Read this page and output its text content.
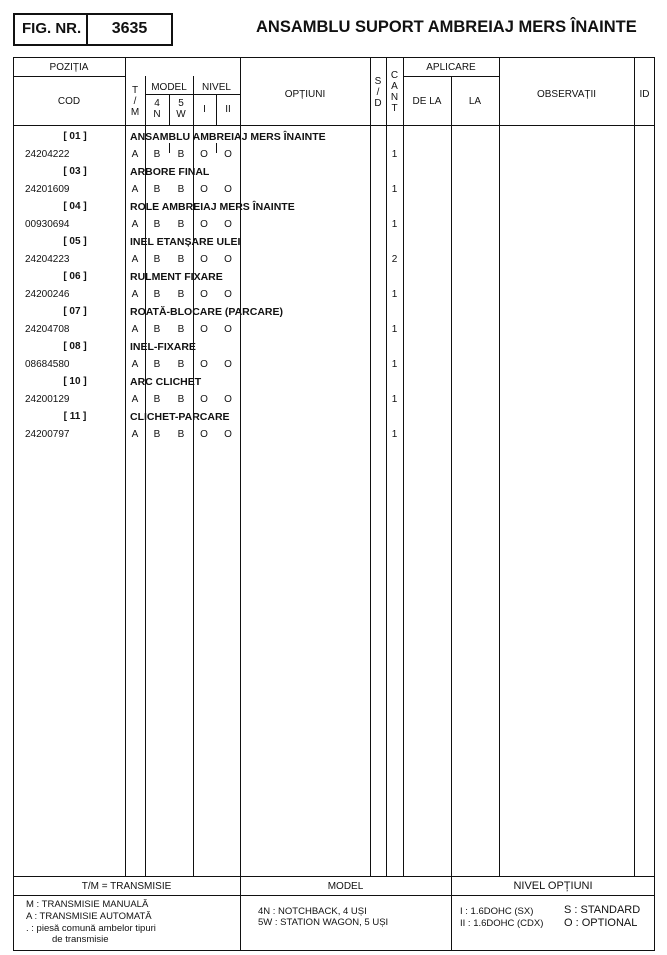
FIG. NR.	3635	ANSAMBLU SUPORT AMBREIAJ MERS ÎNAINTE
POZIȚIA
COD
T
/
M
MODEL	NIVEL
4
N
5
W	I	II
OPȚIUNI
S
/
D
C
A
N
T
APLICARE
DE LA	LA
OBSERVAȚII	ID
[ 01 ]	ANSAMBLU AMBREIAJ MERS ÎNAINTE
24204222	A	B	B	O	O	1
[ 03 ]	ARBORE FINAL
24201609	A	B	B	O	O	1
[ 04 ]	ROLE AMBREIAJ MERS ÎNAINTE
00930694	A	B	B	O	O	1
[ 05 ]	INEL ETANȘARE ULEI
24204223	A	B	B	O	O	2
[ 06 ]	RULMENT FIXARE
24200246	A	B	B	O	O	1
[ 07 ]	ROATĂ-BLOCARE (PARCARE)
24204708	A	B	B	O	O	1
[ 08 ]	INEL-FIXARE
08684580	A	B	B	O	O	1
[ 10 ]	ARC CLICHET
24200129	A	B	B	O	O	1
[ 11 ]	CLICHET-PARCARE
24200797	A	B	B	O	O	1
T/M = TRANSMISIE	MODEL	NIVEL OPȚIUNI
M : TRANSMISIE MANUALĂ
A : TRANSMISIE AUTOMATĂ
. : piesă comună ambelor tipuri
de transmisie
4N : NOTCHBACK, 4 UȘI
5W : STATION WAGON, 5 UȘI
I : 1.6DOHC (SX)
II : 1.6DOHC (CDX)
S : STANDARD
O : OPTIONAL
